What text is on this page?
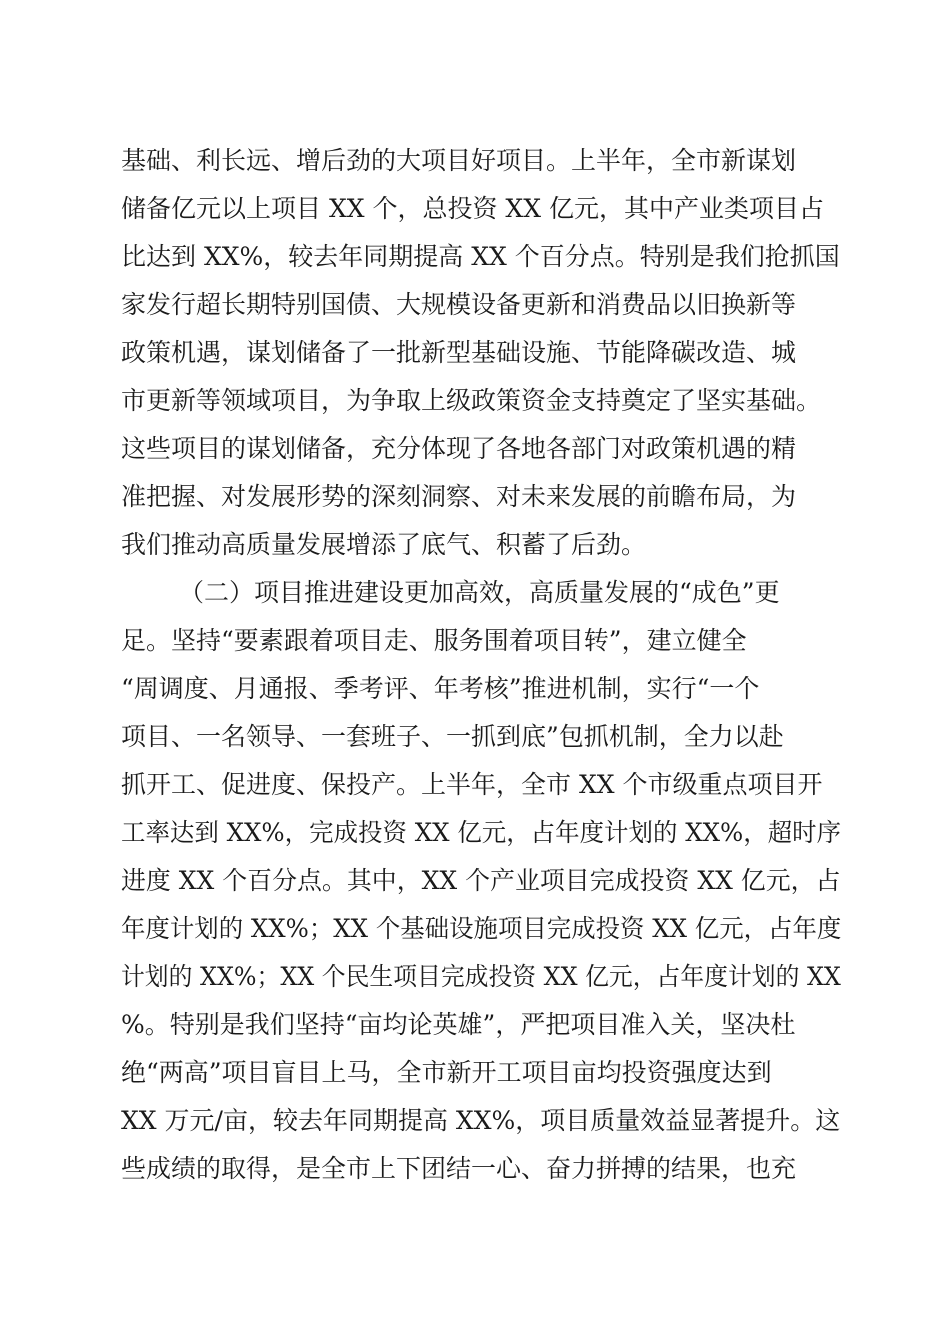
基础、利长远、增后劲的大项目好项目。上半年，全市新谋划
储备亿元以上项目 XX 个，总投资 XX 亿元，其中产业类项目占
比达到 XX%，较去年同期提高 XX 个百分点。特别是我们抢抓国
家发行超长期特别国债、大规模设备更新和消费品以旧换新等
政策机遇，谋划储备了一批新型基础设施、节能降碳改造、城
市更新等领域项目，为争取上级政策资金支持奠定了坚实基础。
这些项目的谋划储备，充分体现了各地各部门对政策机遇的精
准把握、对发展形势的深刻洞察、对未来发展的前瞻布局，为
我们推动高质量发展增添了底气、积蓄了后劲。
（二）项目推进建设更加高效，高质量发展的“成色”更
足。坚持“要素跟着项目走、服务围着项目转”，建立健全
“周调度、月通报、季考评、年考核”推进机制，实行“一个
项目、一名领导、一套班子、一抓到底”包抓机制，全力以赴
抓开工、促进度、保投产。上半年，全市 XX 个市级重点项目开
工率达到 XX%，完成投资 XX 亿元，占年度计划的 XX%，超时序
进度 XX 个百分点。其中，XX 个产业项目完成投资 XX 亿元，占
年度计划的 XX%；XX 个基础设施项目完成投资 XX 亿元，占年度
计划的 XX%；XX 个民生项目完成投资 XX 亿元，占年度计划的 XX
%。特别是我们坚持“亩均论英雄”，严把项目准入关，坚决杜
绝“两高”项目盲目上马，全市新开工项目亩均投资强度达到
XX 万元/亩，较去年同期提高 XX%，项目质量效益显著提升。这
些成绩的取得，是全市上下团结一心、奋力拼搏的结果，也充
